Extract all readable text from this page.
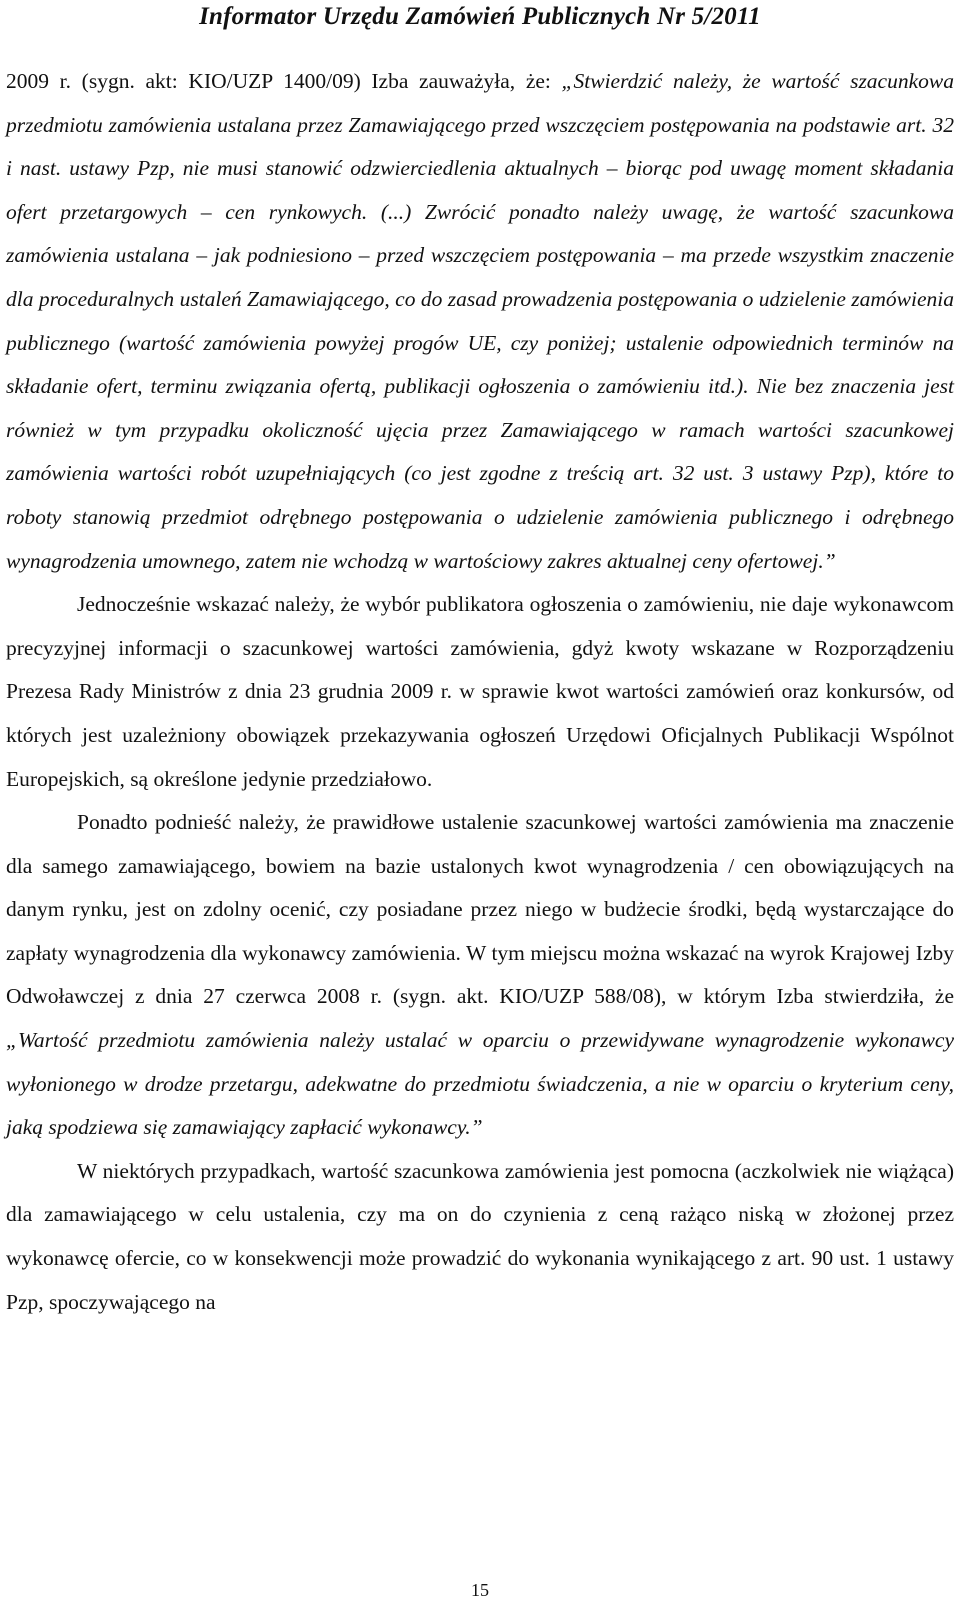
Informator Urzędu Zamówień Publicznych Nr 5/2011

2009 r. (sygn. akt: KIO/UZP 1400/09) Izba zauważyła, że: „Stwierdzić należy, że wartość szacunkowa przedmiotu zamówienia ustalana przez Zamawiającego przed wszczęciem postępowania na podstawie art. 32 i nast. ustawy Pzp, nie musi stanowić odzwierciedlenia aktualnych – biorąc pod uwagę moment składania ofert przetargowych – cen rynkowych. (...) Zwrócić ponadto należy uwagę, że wartość szacunkowa zamówienia ustalana – jak podniesiono – przed wszczęciem postępowania – ma przede wszystkim znaczenie dla proceduralnych ustaleń Zamawiającego, co do zasad prowadzenia postępowania o udzielenie zamówienia publicznego (wartość zamówienia powyżej progów UE, czy poniżej; ustalenie odpowiednich terminów na składanie ofert, terminu związania ofertą, publikacji ogłoszenia o zamówieniu itd.). Nie bez znaczenia jest również w tym przypadku okoliczność ujęcia przez Zamawiającego w ramach wartości szacunkowej zamówienia wartości robót uzupełniających (co jest zgodne z treścią art. 32 ust. 3 ustawy Pzp), które to roboty stanowią przedmiot odrębnego postępowania o udzielenie zamówienia publicznego i odrębnego wynagrodzenia umownego, zatem nie wchodzą w wartościowy zakres aktualnej ceny ofertowej.”

Jednocześnie wskazać należy, że wybór publikatora ogłoszenia o zamówieniu, nie daje wykonawcom precyzyjnej informacji o szacunkowej wartości zamówienia, gdyż kwoty wskazane w Rozporządzeniu Prezesa Rady Ministrów z dnia 23 grudnia 2009 r. w sprawie kwot wartości zamówień oraz konkursów, od których jest uzależniony obowiązek przekazywania ogłoszeń Urzędowi Oficjalnych Publikacji Wspólnot Europejskich, są określone jedynie przedziałowo.

Ponadto podnieść należy, że prawidłowe ustalenie szacunkowej wartości zamówienia ma znaczenie dla samego zamawiającego, bowiem na bazie ustalonych kwot wynagrodzenia / cen obowiązujących na danym rynku, jest on zdolny ocenić, czy posiadane przez niego w budżecie środki, będą wystarczające do zapłaty wynagrodzenia dla wykonawcy zamówienia. W tym miejscu można wskazać na wyrok Krajowej Izby Odwoławczej z dnia 27 czerwca 2008 r. (sygn. akt. KIO/UZP 588/08), w którym Izba stwierdziła, że „Wartość przedmiotu zamówienia należy ustalać w oparciu o przewidywane wynagrodzenie wykonawcy wyłonionego w drodze przetargu, adekwatne do przedmiotu świadczenia, a nie w oparciu o kryterium ceny, jaką spodziewa się zamawiający zapłacić wykonawcy.”

W niektórych przypadkach, wartość szacunkowa zamówienia jest pomocna (aczkolwiek nie wiążąca) dla zamawiającego w celu ustalenia, czy ma on do czynienia z ceną rażąco niską w złożonej przez wykonawcę ofercie, co w konsekwencji może prowadzić do wykonania wynikającego z art. 90 ust. 1 ustawy Pzp, spoczywającego na

15
